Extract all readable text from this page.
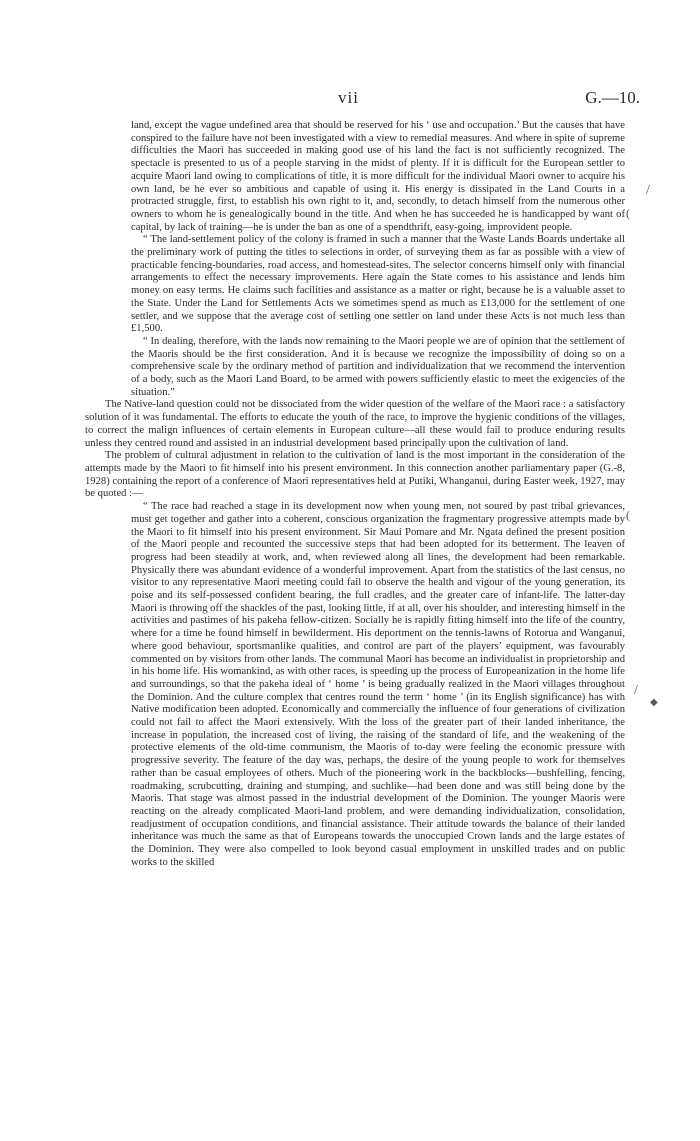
vii	G.—10.

land, except the vague undefined area that should be reserved for his ‘ use and occupation.’ But the causes that have conspired to the failure have not been investigated with a view to remedial measures. And where in spite of supreme difficulties the Maori has succeeded in making good use of his land the fact is not sufficiently recognized. The spectacle is presented to us of a people starving in the midst of plenty. If it is difficult for the European settler to acquire Maori land owing to complications of title, it is more difficult for the individual Maori owner to acquire his own land, be he ever so ambitious and capable of using it. His energy is dissipated in the Land Courts in a protracted struggle, first, to establish his own right to it, and, secondly, to detach himself from the numerous other owners to whom he is genealogically bound in the title. And when he has succeeded he is handicapped by want of capital, by lack of training—he is under the ban as one of a spendthrift, easy-going, improvident people.

“ The land-settlement policy of the colony is framed in such a manner that the Waste Lands Boards undertake all the preliminary work of putting the titles to selections in order, of surveying them as far as possible with a view of practicable fencing-boundaries, road access, and homestead-sites. The selector concerns himself only with financial arrangements to effect the necessary improvements. Here again the State comes to his assistance and lends him money on easy terms. He claims such facilities and assistance as a matter or right, because he is a valuable asset to the State. Under the Land for Settlements Acts we sometimes spend as much as £13,000 for the settlement of one settler, and we suppose that the average cost of settling one settler on land under these Acts is not much less than £1,500.

“ In dealing, therefore, with the lands now remaining to the Maori people we are of opinion that the settlement of the Maoris should be the first consideration. And it is because we recognize the impossibility of doing so on a comprehensive scale by the ordinary method of partition and individualization that we recommend the intervention of a body, such as the Maori Land Board, to be armed with powers sufficiently elastic to meet the exigencies of the situation.”

The Native-land question could not be dissociated from the wider question of the welfare of the Maori race : a satisfactory solution of it was fundamental. The efforts to educate the youth of the race, to improve the hygienic conditions of the villages, to correct the malign influences of certain elements in European culture—all these would fail to produce enduring results unless they centred round and assisted in an industrial development based principally upon the cultivation of land.

The problem of cultural adjustment in relation to the cultivation of land is the most important in the consideration of the attempts made by the Maori to fit himself into his present environment. In this connection another parliamentary paper (G.-8, 1928) containing the report of a conference of Maori representatives held at Putiki, Whanganui, during Easter week, 1927, may be quoted :—

“ The race had reached a stage in its development now when young men, not soured by past tribal grievances, must get together and gather into a coherent, conscious organization the fragmentary progressive attempts made by the Maori to fit himself into his present environment. Sir Maui Pomare and Mr. Ngata defined the present position of the Maori people and recounted the successive steps that had been adopted for its betterment. The leaven of progress had been steadily at work, and, when reviewed along all lines, the development had been remarkable. Physically there was abundant evidence of a wonderful improvement. Apart from the statistics of the last census, no visitor to any representative Maori meeting could fail to observe the health and vigour of the young generation, its poise and its self-possessed confident bearing, the full cradles, and the greater care of infant-life. The latter-day Maori is throwing off the shackles of the past, looking little, if at all, over his shoulder, and interesting himself in the activities and pastimes of his pakeha fellow-citizen. Socially he is rapidly fitting himself into the life of the country, where for a time he found himself in bewilderment. His deportment on the tennis-lawns of Rotorua and Wanganui, where good behaviour, sportsmanlike qualities, and control are part of the players’ equipment, was favourably commented on by visitors from other lands. The communal Maori has become an individualist in proprietorship and in his home life. His womankind, as with other races, is speeding up the process of Europeanization in the home life and surroundings, so that the pakeha ideal of ‘ home ’ is being gradually realized in the Maori villages throughout the Dominion. And the culture complex that centres round the term ‘ home ’ (in its English significance) has with Native modification been adopted. Economically and commercially the influence of four generations of civilization could not fail to affect the Maori extensively. With the loss of the greater part of their landed inheritance, the increase in population, the increased cost of living, the raising of the standard of life, and the weakening of the protective elements of the old-time communism, the Maoris of to-day were feeling the economic pressure with progressive severity. The feature of the day was, perhaps, the desire of the young people to work for themselves rather than be casual employees of others. Much of the pioneering work in the backblocks—bushfelling, fencing, roadmaking, scrubcutting, draining and stumping, and suchlike—had been done and was still being done by the Maoris. That stage was almost passed in the industrial development of the Dominion. The younger Maoris were reacting on the already complicated Maori-land problem, and were demanding individualization, consolidation, readjustment of occupation conditions, and financial assistance. Their attitude towards the balance of their landed inheritance was much the same as that of Europeans towards the unoccupied Crown lands and the large estates of the Dominion. They were also compelled to look beyond casual employment in unskilled trades and on public works to the skilled

/
(
(
/
◆
